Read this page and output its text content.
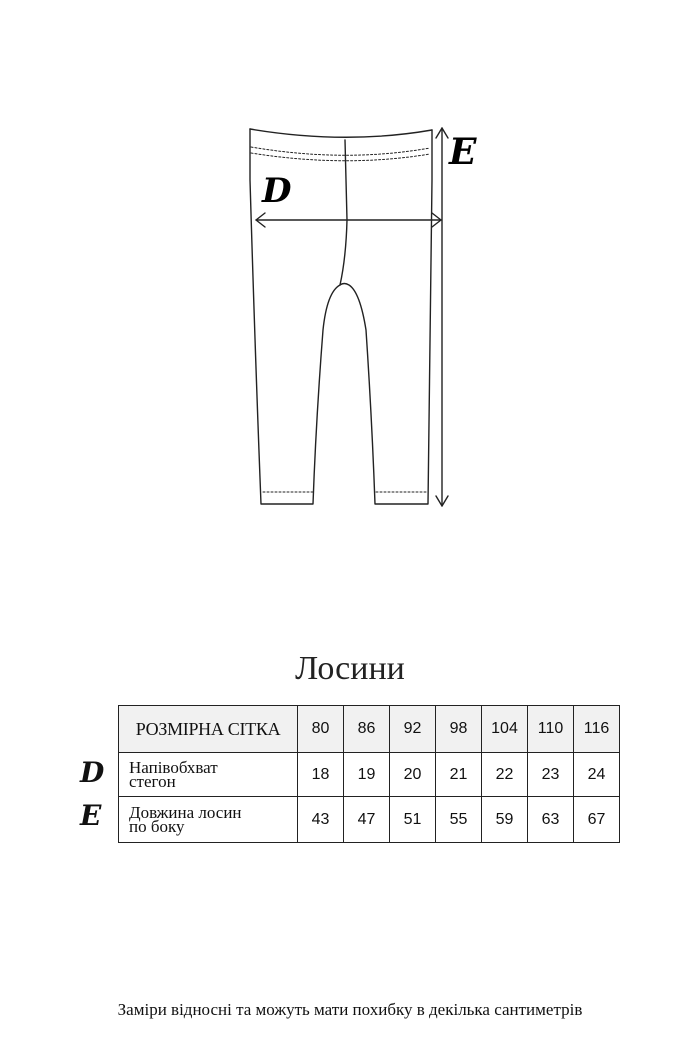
D
E
Лосини
D
E
РОЗМІРНА СІТКА	80	86	92	98	104	110	116

Напівобхват
стегон	18	19	20	21	22	23	24

Довжина лосин
по боку	43	47	51	55	59	63	67
Заміри відносні та можуть мати похибку в декілька сантиметрів
